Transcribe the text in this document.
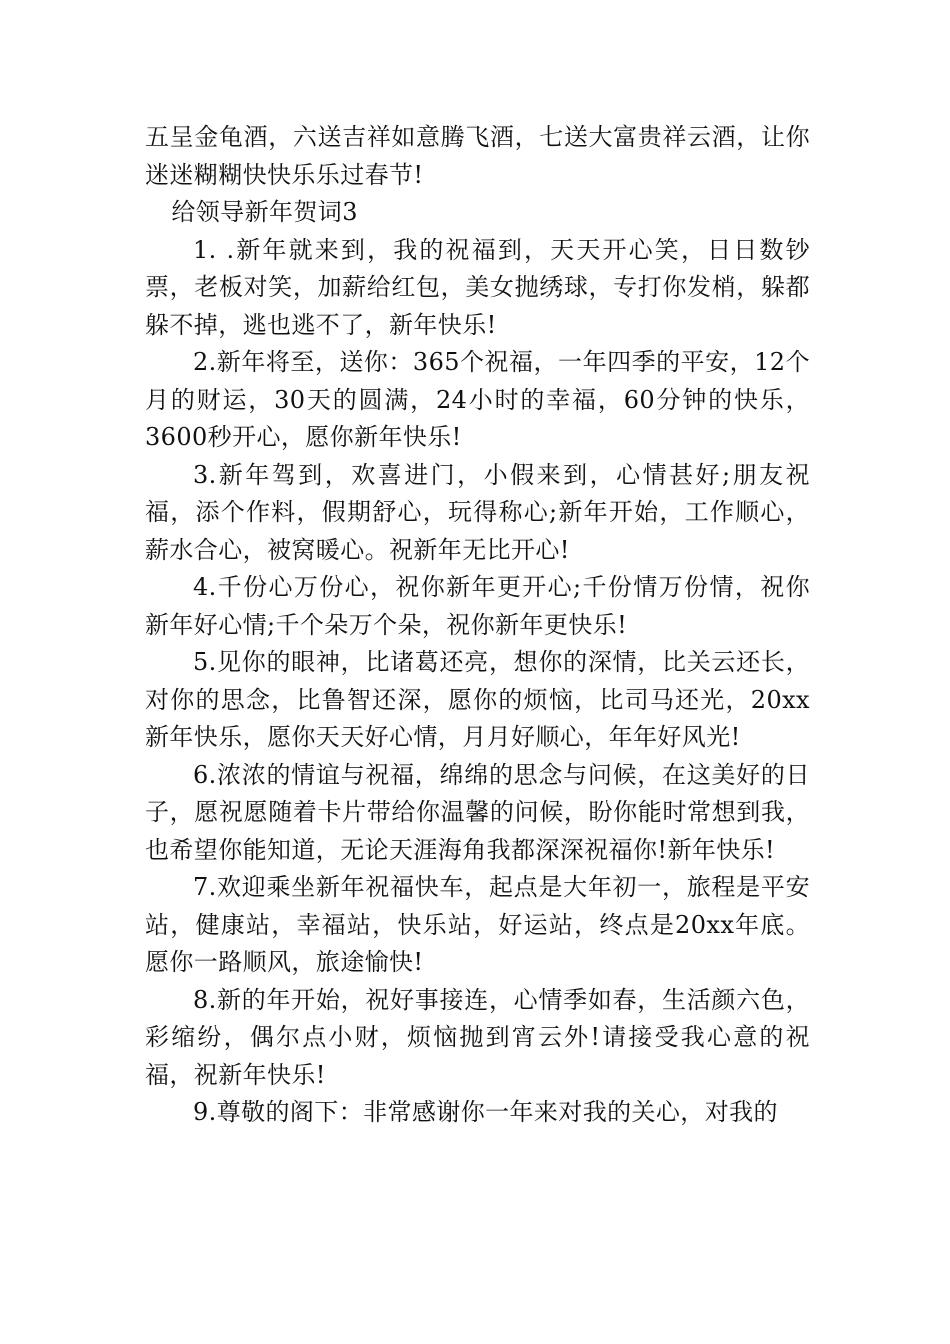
五呈金龟酒，六送吉祥如意腾飞酒，七送大富贵祥云酒，让你迷迷糊糊快快乐乐过春节!

给领导新年贺词3

1. .新年就来到，我的祝福到，天天开心笑，日日数钞票，老板对笑，加薪给红包，美女抛绣球，专打你发梢，躲都躲不掉，逃也逃不了，新年快乐!

2.新年将至，送你：365个祝福，一年四季的平安，12个月的财运，30天的圆满，24小时的幸福，60分钟的快乐，3600秒开心，愿你新年快乐!

3.新年驾到，欢喜进门，小假来到，心情甚好;朋友祝福，添个作料，假期舒心，玩得称心;新年开始，工作顺心，薪水合心，被窝暖心。祝新年无比开心!

4.千份心万份心，祝你新年更开心;千份情万份情，祝你新年好心情;千个朵万个朵，祝你新年更快乐!

5.见你的眼神，比诸葛还亮，想你的深情，比关云还长，对你的思念，比鲁智还深，愿你的烦恼，比司马还光，20xx新年快乐，愿你天天好心情，月月好顺心，年年好风光!

6.浓浓的情谊与祝福，绵绵的思念与问候，在这美好的日子，愿祝愿随着卡片带给你温馨的问候，盼你能时常想到我，也希望你能知道，无论天涯海角我都深深祝福你!新年快乐!

7.欢迎乘坐新年祝福快车，起点是大年初一，旅程是平安站，健康站，幸福站，快乐站，好运站，终点是20xx年底。愿你一路顺风，旅途愉快!

8.新的年开始，祝好事接连，心情季如春，生活颜六色，彩缩纷，偶尔点小财，烦恼抛到宵云外!请接受我心意的祝福，祝新年快乐!

9.尊敬的阁下：非常感谢你一年来对我的关心，对我的
